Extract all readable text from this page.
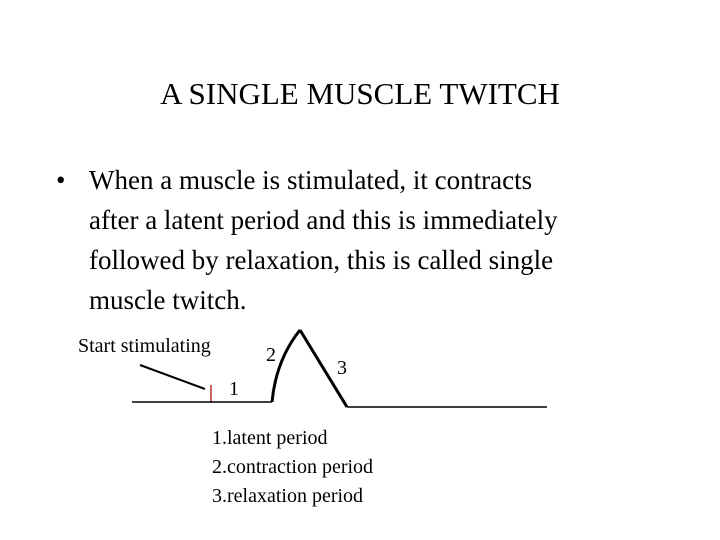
A SINGLE MUSCLE TWITCH
• When a muscle is stimulated, it contracts
after a latent period and this is immediately
followed by relaxation, this is called single
muscle twitch.
Start stimulating
1
2
3
1.latent period
2.contraction period
3.relaxation period
